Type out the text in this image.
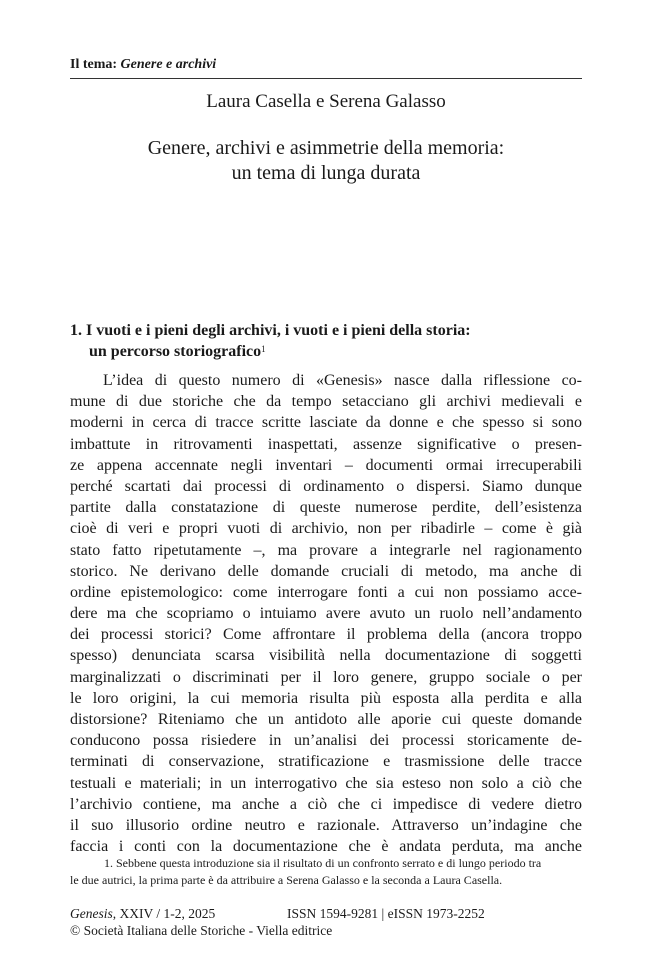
Il tema: Genere e archivi
Laura Casella e Serena Galasso
Genere, archivi e asimmetrie della memoria:
un tema di lunga durata
1. I vuoti e i pieni degli archivi, i vuoti e i pieni della storia:
un percorso storiografico$^1$

L’idea di questo numero di «Genesis» nasce dalla riflessione co-
mune di due storiche che da tempo setacciano gli archivi medievali e
moderni in cerca di tracce scritte lasciate da donne e che spesso si sono
imbattute in ritrovamenti inaspettati, assenze significative o presen-
ze appena accennate negli inventari – documenti ormai irrecuperabili
perché scartati dai processi di ordinamento o dispersi. Siamo dunque
partite dalla constatazione di queste numerose perdite, dell’esistenza
cioè di veri e propri vuoti di archivio, non per ribadirle – come è già
stato fatto ripetutamente –, ma provare a integrarle nel ragionamento
storico. Ne derivano delle domande cruciali di metodo, ma anche di
ordine epistemologico: come interrogare fonti a cui non possiamo acce-
dere ma che scopriamo o intuiamo avere avuto un ruolo nell’andamento
dei processi storici? Come affrontare il problema della (ancora troppo
spesso) denunciata scarsa visibilità nella documentazione di soggetti
marginalizzati o discriminati per il loro genere, gruppo sociale o per
le loro origini, la cui memoria risulta più esposta alla perdita e alla
distorsione? Riteniamo che un antidoto alle aporie cui queste domande
conducono possa risiedere in un’analisi dei processi storicamente de-
terminati di conservazione, stratificazione e trasmissione delle tracce
testuali e materiali; in un interrogativo che sia esteso non solo a ciò che
l’archivio contiene, ma anche a ciò che ci impedisce di vedere dietro
il suo illusorio ordine neutro e razionale. Attraverso un’indagine che
faccia i conti con la documentazione che è andata perduta, ma anche

1. Sebbene questa introduzione sia il risultato di un confronto serrato e di lungo periodo tra
le due autrici, la prima parte è da attribuire a Serena Galasso e la seconda a Laura Casella.
Genesis, XXIV / 1-2, 2025	ISSN 1594-9281 | eISSN 1973-2252
© Società Italiana delle Storiche - Viella editrice
